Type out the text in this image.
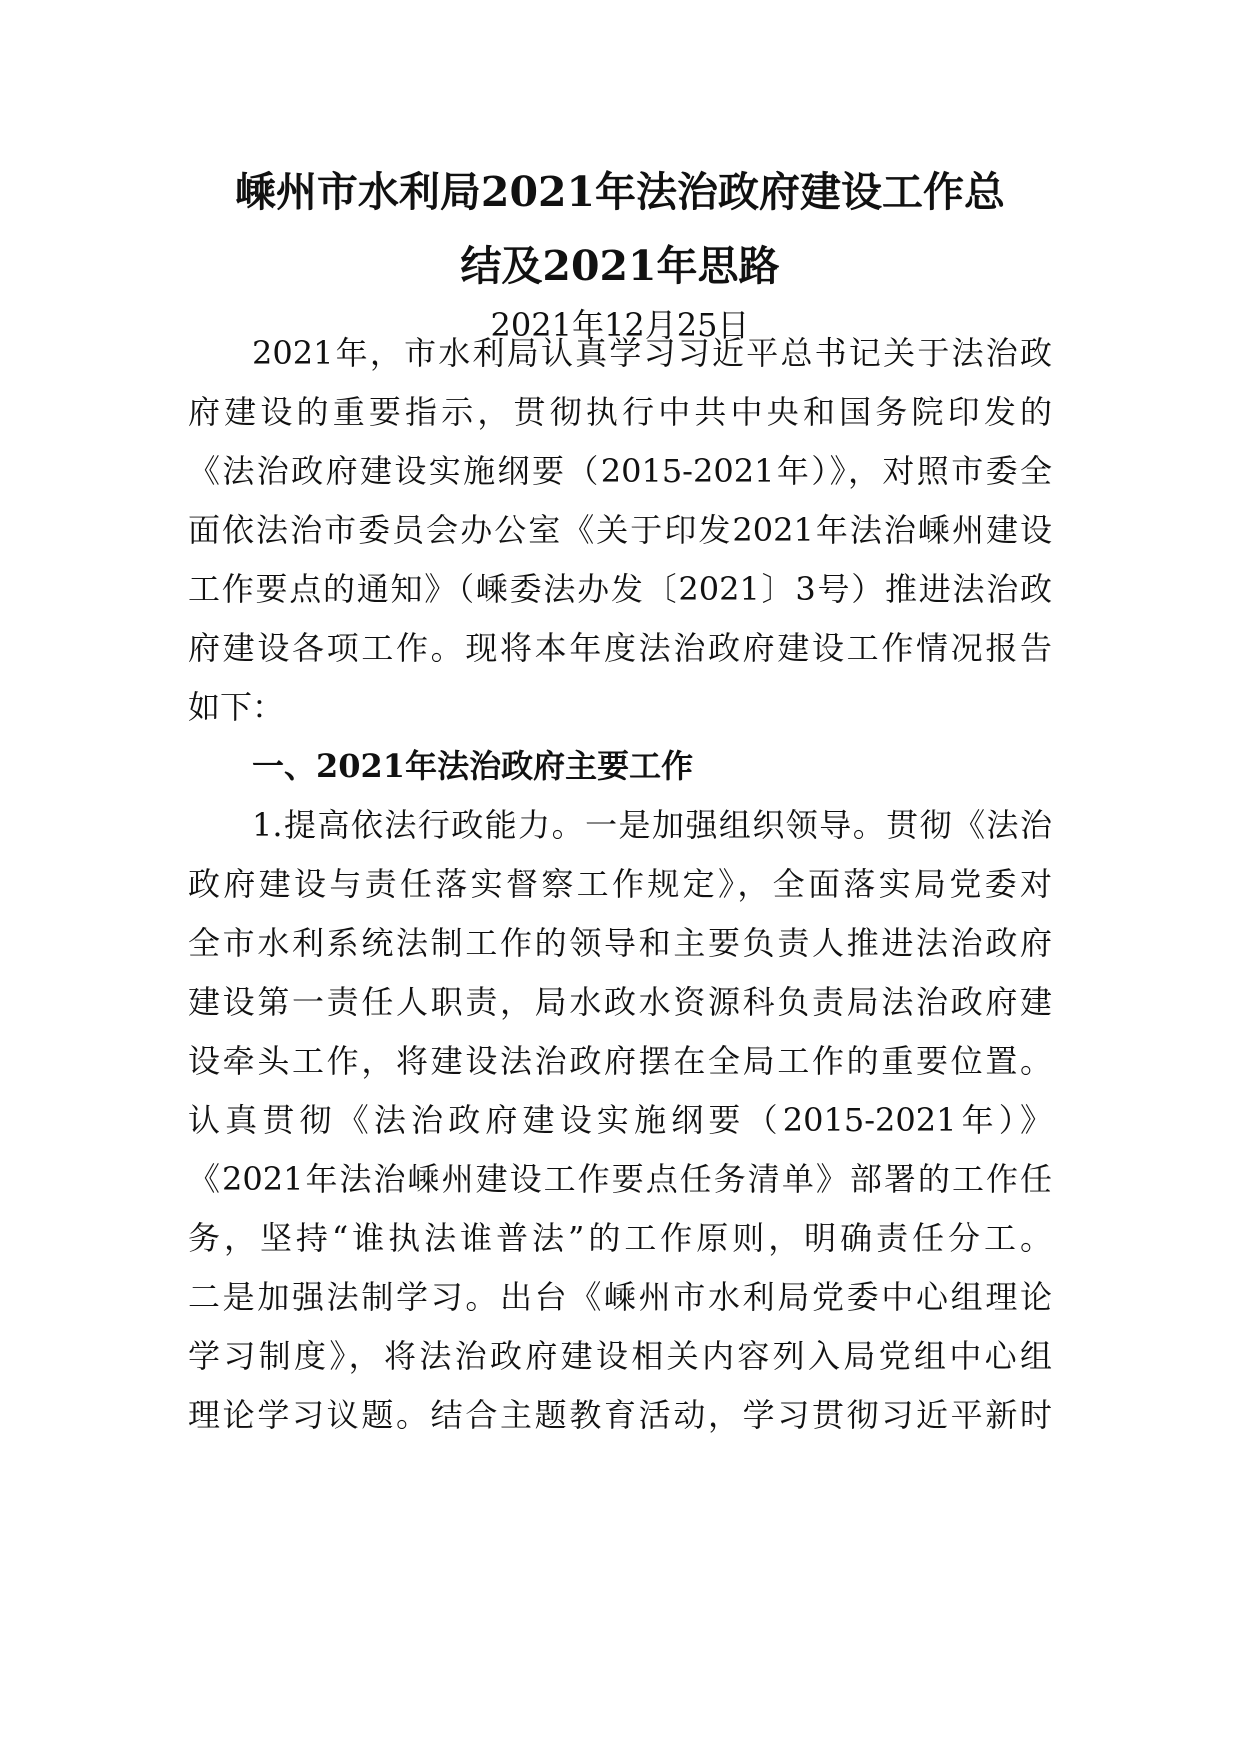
嵊州市水利局2021年法治政府建设工作总
结及2021年思路
2021年12月25日
2021年，市水利局认真学习习近平总书记关于法治政
府建设的重要指示，贯彻执行中共中央和国务院印发的
《法治政府建设实施纲要（2015-2021年）》，对照市委全
面依法治市委员会办公室《关于印发2021年法治嵊州建设
工作要点的通知》（嵊委法办发〔2021〕3号）推进法治政
府建设各项工作。现将本年度法治政府建设工作情况报告
如下：
一、2021年法治政府主要工作
1.提高依法行政能力。一是加强组织领导。贯彻《法治
政府建设与责任落实督察工作规定》，全面落实局党委对
全市水利系统法制工作的领导和主要负责人推进法治政府
建设第一责任人职责，局水政水资源科负责局法治政府建
设牵头工作，将建设法治政府摆在全局工作的重要位置。
认真贯彻《法治政府建设实施纲要（2015-2021年）》
《2021年法治嵊州建设工作要点任务清单》部署的工作任
务，坚持“谁执法谁普法”的工作原则，明确责任分工。
二是加强法制学习。出台《嵊州市水利局党委中心组理论
学习制度》，将法治政府建设相关内容列入局党组中心组
理论学习议题。结合主题教育活动，学习贯彻习近平新时
